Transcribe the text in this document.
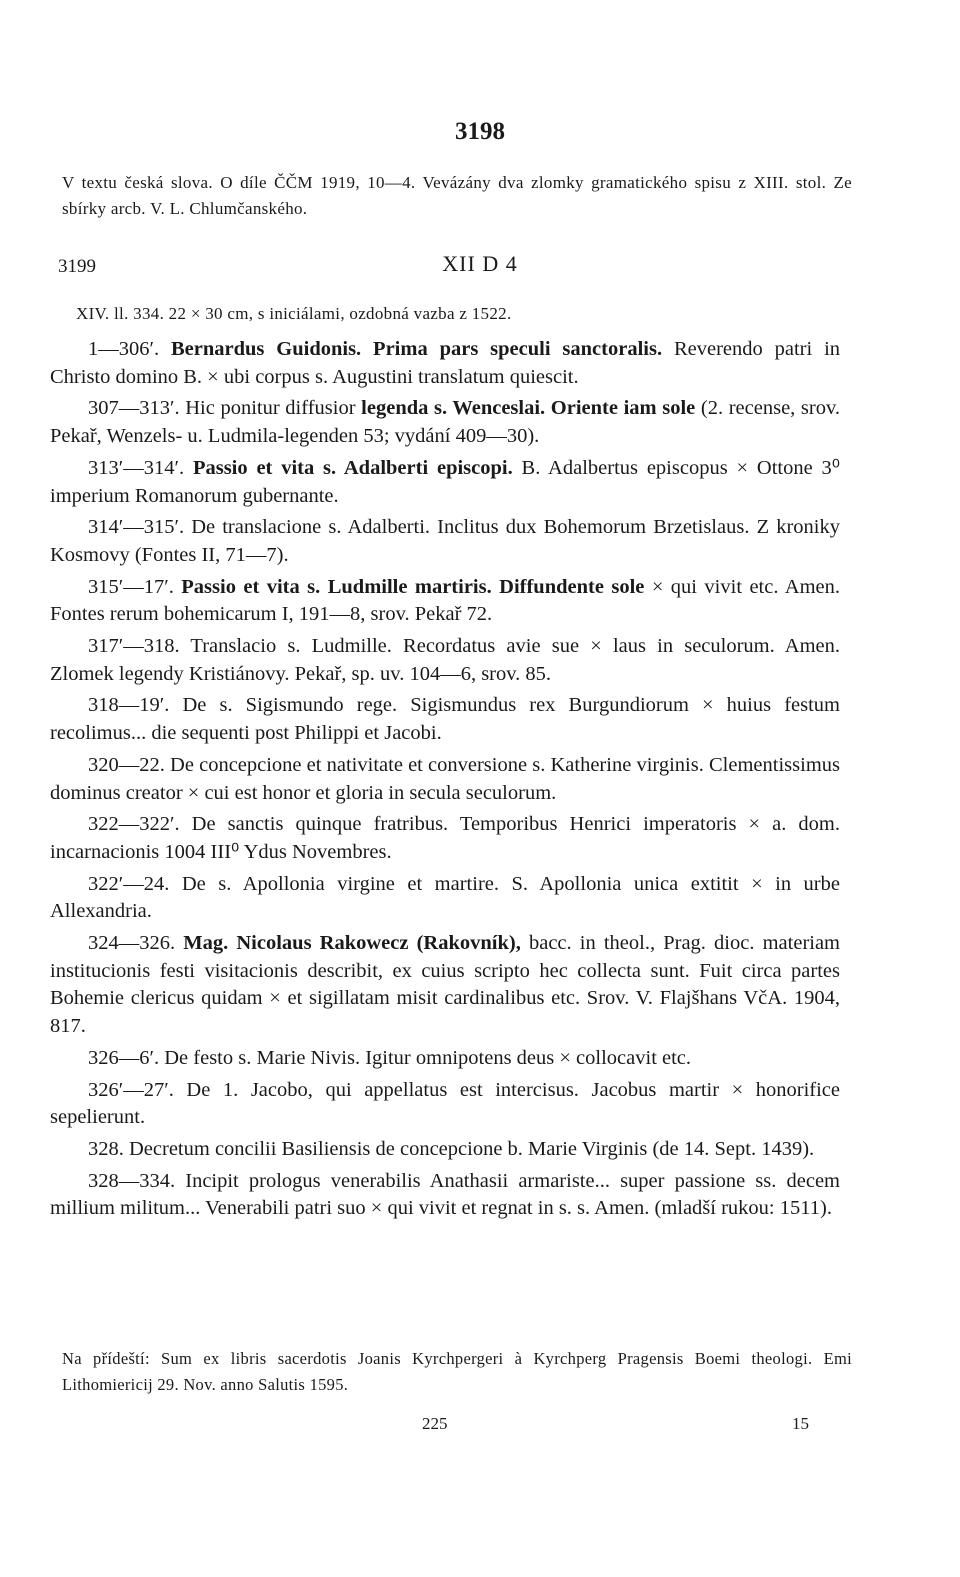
3198
V textu česká slova. O díle ČČM 1919, 10—4. Vevázány dva zlomky gramatického spisu z XIII. stol. Ze sbírky arcb. V. L. Chlumčanského.
3199	XII D 4
XIV. ll. 334. 22 × 30 cm, s iniciálami, ozdobná vazba z 1522.

1—306′. Bernardus Guidonis. Prima pars speculi sanctoralis. Reverendo patri in Christo domino B. × ubi corpus s. Augustini translatum quiescit.

307—313′. Hic ponitur diffusior legenda s. Wenceslai. Oriente iam sole (2. recense, srov. Pekař, Wenzels- u. Ludmila-legenden 53; vydání 409—30).

313′—314′. Passio et vita s. Adalberti episcopi. B. Adalbertus episcopus × Ottone 3⁰ imperium Romanorum gubernante.

314′—315′. De translacione s. Adalberti. Inclitus dux Bohemorum Brzetislaus. Z kroniky Kosmovy (Fontes II, 71—7).

315′—17′. Passio et vita s. Ludmille martiris. Diffundente sole × qui vivit etc. Amen. Fontes rerum bohemicarum I, 191—8, srov. Pekař 72.

317′—318. Translacio s. Ludmille. Recordatus avie sue × laus in seculorum. Amen. Zlomek legendy Kristiánovy. Pekař, sp. uv. 104—6, srov. 85.

318—19′. De s. Sigismundo rege. Sigismundus rex Burgundiorum × huius festum recolimus... die sequenti post Philippi et Jacobi.

320—22. De concepcione et nativitate et conversione s. Katherine virginis. Clementissimus dominus creator × cui est honor et gloria in secula seculorum.

322—322′. De sanctis quinque fratribus. Temporibus Henrici imperatoris × a. dom. incarnacionis 1004 III⁰ Ydus Novembres.

322′—24. De s. Apollonia virgine et martire. S. Apollonia unica extitit × in urbe Allexandria.

324—326. Mag. Nicolaus Rakowecz (Rakovník), bacc. in theol., Prag. dioc. materiam institucionis festi visitacionis describit, ex cuius scripto hec collecta sunt. Fuit circa partes Bohemie clericus quidam × et sigillatam misit cardinalibus etc. Srov. V. Flajšhans VčA. 1904, 817.

326—6′. De festo s. Marie Nivis. Igitur omnipotens deus × collocavit etc.

326′—27′. De 1. Jacobo, qui appellatus est intercisus. Jacobus martir × honorifice sepelierunt.

328. Decretum concilii Basiliensis de concepcione b. Marie Virginis (de 14. Sept. 1439).

328—334. Incipit prologus venerabilis Anathasii armariste... super passione ss. decem millium militum... Venerabili patri suo × qui vivit et regnat in s. s. Amen. (mladší rukou: 1511).

Na přídeští: Sum ex libris sacerdotis Joanis Kyrchpergeri à Kyrchperg Pragensis Boemi theologi. Emi Lithomiericij 29. Nov. anno Salutis 1595.
225	15
